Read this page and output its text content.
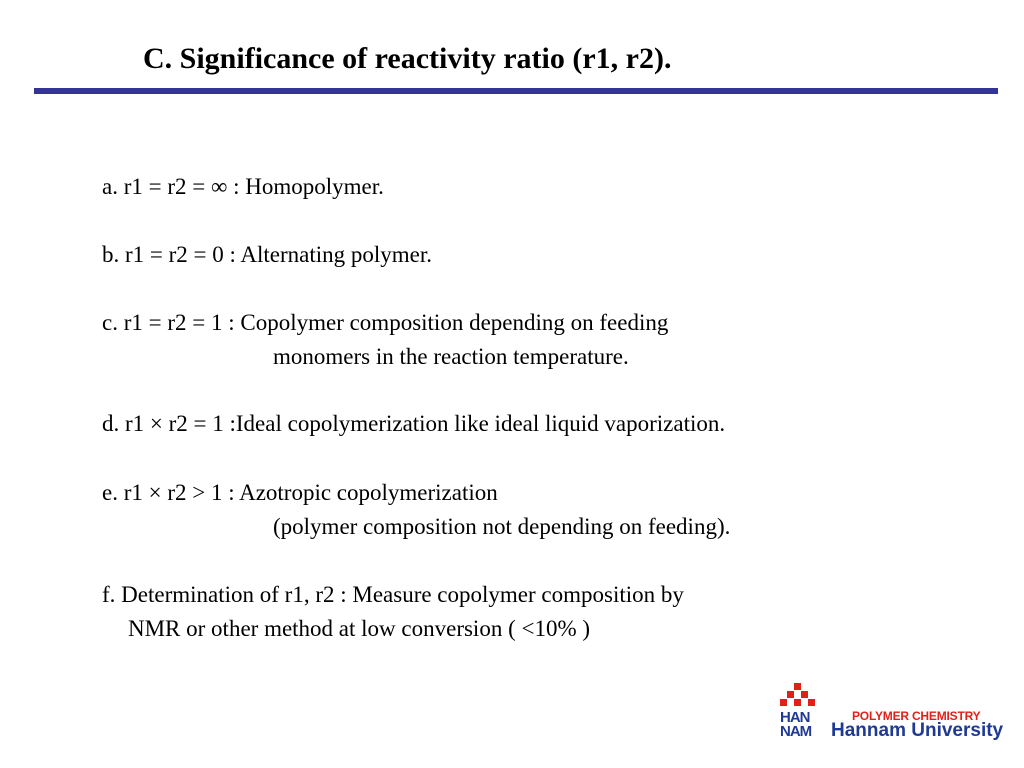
C. Significance of reactivity ratio (r1, r2).
a. r1 = r2 = ∞ : Homopolymer.
b. r1 = r2 = 0 : Alternating polymer.
c. r1 = r2 = 1 : Copolymer composition depending on feeding
monomers in the reaction temperature.
d. r1 × r2 = 1 :Ideal copolymerization like ideal liquid vaporization.
e. r1 × r2 > 1 : Azotropic copolymerization
(polymer composition not depending on feeding).
f. Determination of r1, r2 : Measure copolymer composition by
NMR or other method at low conversion ( <10% )
HAN
NAM
POLYMER CHEMISTRY
Hannam University
